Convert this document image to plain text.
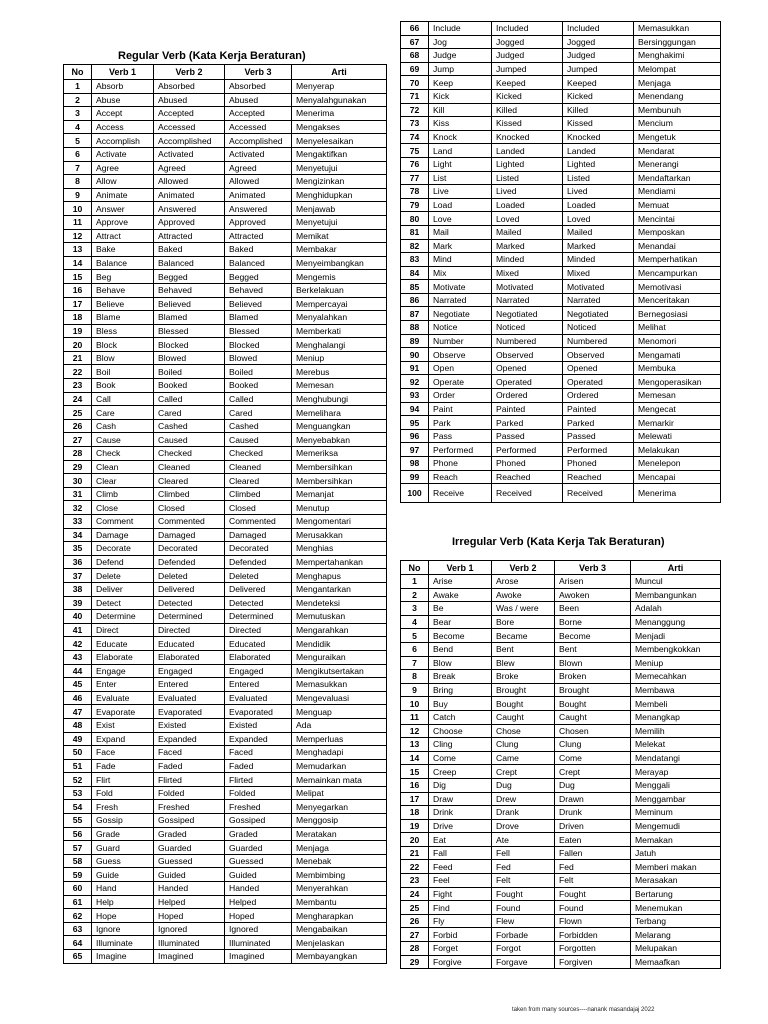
Regular Verb (Kata Kerja Beraturan)
No	Verb 1	Verb 2	Verb 3	Arti
1	Absorb	Absorbed	Absorbed	Menyerap
2	Abuse	Abused	Abused	Menyalahgunakan
3	Accept	Accepted	Accepted	Menerima
4	Access	Accessed	Accessed	Mengakses
5	Accomplish	Accomplished	Accomplished	Menyelesaikan
6	Activate	Activated	Activated	Mengaktifkan
7	Agree	Agreed	Agreed	Menyetujui
8	Allow	Allowed	Allowed	Mengizinkan
9	Animate	Animated	Animated	Menghidupkan
10	Answer	Answered	Answered	Menjawab
11	Approve	Approved	Approved	Menyetujui
12	Attract	Attracted	Attracted	Memikat
13	Bake	Baked	Baked	Membakar
14	Balance	Balanced	Balanced	Menyeimbangkan
15	Beg	Begged	Begged	Mengemis
16	Behave	Behaved	Behaved	Berkelakuan
17	Believe	Believed	Believed	Mempercayai
18	Blame	Blamed	Blamed	Menyalahkan
19	Bless	Blessed	Blessed	Memberkati
20	Block	Blocked	Blocked	Menghalangi
21	Blow	Blowed	Blowed	Meniup
22	Boil	Boiled	Boiled	Merebus
23	Book	Booked	Booked	Memesan
24	Call	Called	Called	Menghubungi
25	Care	Cared	Cared	Memelihara
26	Cash	Cashed	Cashed	Menguangkan
27	Cause	Caused	Caused	Menyebabkan
28	Check	Checked	Checked	Memeriksa
29	Clean	Cleaned	Cleaned	Membersihkan
30	Clear	Cleared	Cleared	Membersihkan
31	Climb	Climbed	Climbed	Memanjat
32	Close	Closed	Closed	Menutup
33	Comment	Commented	Commented	Mengomentari
34	Damage	Damaged	Damaged	Merusakkan
35	Decorate	Decorated	Decorated	Menghias
36	Defend	Defended	Defended	Mempertahankan
37	Delete	Deleted	Deleted	Menghapus
38	Deliver	Delivered	Delivered	Mengantarkan
39	Detect	Detected	Detected	Mendeteksi
40	Determine	Determined	Determined	Memutuskan
41	Direct	Directed	Directed	Mengarahkan
42	Educate	Educated	Educated	Mendidik
43	Elaborate	Elaborated	Elaborated	Menguraikan
44	Engage	Engaged	Engaged	Mengikutsertakan
45	Enter	Entered	Entered	Memasukkan
46	Evaluate	Evaluated	Evaluated	Mengevaluasi
47	Evaporate	Evaporated	Evaporated	Menguap
48	Exist	Existed	Existed	Ada
49	Expand	Expanded	Expanded	Memperluas
50	Face	Faced	Faced	Menghadapi
51	Fade	Faded	Faded	Memudarkan
52	Flirt	Flirted	Flirted	Memainkan mata
53	Fold	Folded	Folded	Melipat
54	Fresh	Freshed	Freshed	Menyegarkan
55	Gossip	Gossiped	Gossiped	Menggosip
56	Grade	Graded	Graded	Meratakan
57	Guard	Guarded	Guarded	Menjaga
58	Guess	Guessed	Guessed	Menebak
59	Guide	Guided	Guided	Membimbing
60	Hand	Handed	Handed	Menyerahkan
61	Help	Helped	Helped	Membantu
62	Hope	Hoped	Hoped	Mengharapkan
63	Ignore	Ignored	Ignored	Mengabaikan
64	Illuminate	Illuminated	Illuminated	Menjelaskan
65	Imagine	Imagined	Imagined	Membayangkan
66	Include	Included	Included	Memasukkan
67	Jog	Jogged	Jogged	Bersinggungan
68	Judge	Judged	Judged	Menghakimi
69	Jump	Jumped	Jumped	Melompat
70	Keep	Keeped	Keeped	Menjaga
71	Kick	Kicked	Kicked	Menendang
72	Kill	Killed	Killed	Membunuh
73	Kiss	Kissed	Kissed	Mencium
74	Knock	Knocked	Knocked	Mengetuk
75	Land	Landed	Landed	Mendarat
76	Light	Lighted	Lighted	Menerangi
77	List	Listed	Listed	Mendaftarkan
78	Live	Lived	Lived	Mendiami
79	Load	Loaded	Loaded	Memuat
80	Love	Loved	Loved	Mencintai
81	Mail	Mailed	Mailed	Memposkan
82	Mark	Marked	Marked	Menandai
83	Mind	Minded	Minded	Memperhatikan
84	Mix	Mixed	Mixed	Mencampurkan
85	Motivate	Motivated	Motivated	Memotivasi
86	Narrated	Narrated	Narrated	Menceritakan
87	Negotiate	Negotiated	Negotiated	Bernegosiasi
88	Notice	Noticed	Noticed	Melihat
89	Number	Numbered	Numbered	Menomori
90	Observe	Observed	Observed	Mengamati
91	Open	Opened	Opened	Membuka
92	Operate	Operated	Operated	Mengoperasikan
93	Order	Ordered	Ordered	Memesan
94	Paint	Painted	Painted	Mengecat
95	Park	Parked	Parked	Memarkir
96	Pass	Passed	Passed	Melewati
97	Performed	Performed	Performed	Melakukan
98	Phone	Phoned	Phoned	Menelepon
99	Reach	Reached	Reached	Mencapai
100	Receive	Received	Received	Menerima
Irregular Verb (Kata Kerja Tak Beraturan)
No	Verb 1	Verb 2	Verb 3	Arti
1	Arise	Arose	Arisen	Muncul
2	Awake	Awoke	Awoken	Membangunkan
3	Be	Was / were	Been	Adalah
4	Bear	Bore	Borne	Menanggung
5	Become	Became	Become	Menjadi
6	Bend	Bent	Bent	Membengkokkan
7	Blow	Blew	Blown	Meniup
8	Break	Broke	Broken	Memecahkan
9	Bring	Brought	Brought	Membawa
10	Buy	Bought	Bought	Membeli
11	Catch	Caught	Caught	Menangkap
12	Choose	Chose	Chosen	Memilih
13	Cling	Clung	Clung	Melekat
14	Come	Came	Come	Mendatangi
15	Creep	Crept	Crept	Merayap
16	Dig	Dug	Dug	Menggali
17	Draw	Drew	Drawn	Menggambar
18	Drink	Drank	Drunk	Meminum
19	Drive	Drove	Driven	Mengemudi
20	Eat	Ate	Eaten	Memakan
21	Fall	Fell	Fallen	Jatuh
22	Feed	Fed	Fed	Memberi makan
23	Feel	Felt	Felt	Merasakan
24	Fight	Fought	Fought	Bertarung
25	Find	Found	Found	Menemukan
26	Fly	Flew	Flown	Terbang
27	Forbid	Forbade	Forbidden	Melarang
28	Forget	Forgot	Forgotten	Melupakan
29	Forgive	Forgave	Forgiven	Memaafkan
taken from many sources----nanank masandajaj 2022
